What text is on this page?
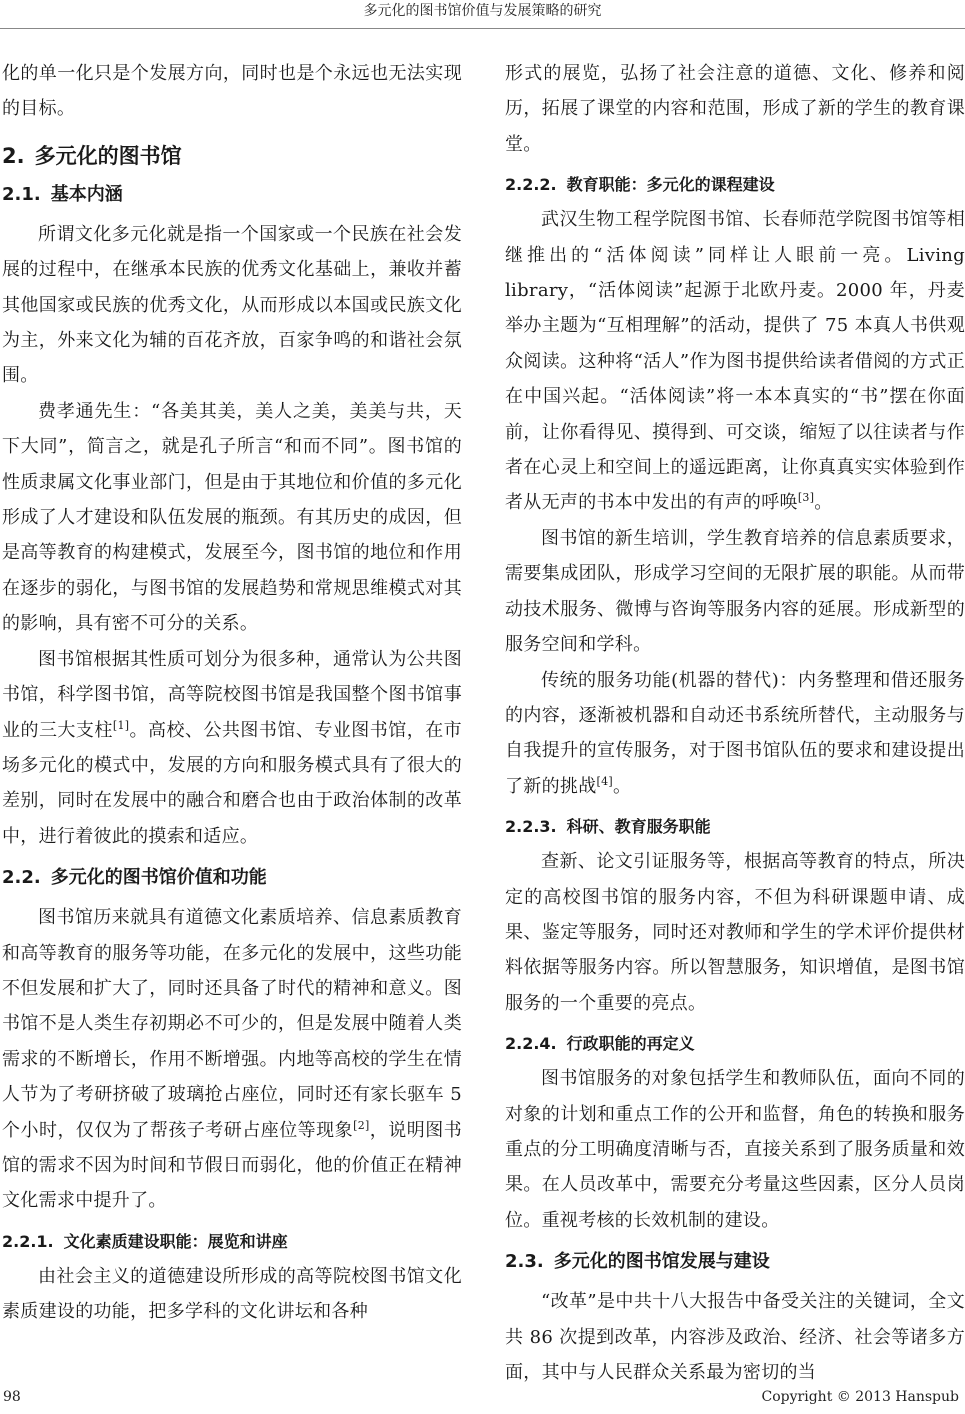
多元化的图书馆价值与发展策略的研究

化的单一化只是个发展方向，同时也是个永远也无法实现的目标。

2. 多元化的图书馆
2.1. 基本内涵

所谓文化多元化就是指一个国家或一个民族在社会发展的过程中，在继承本民族的优秀文化基础上，兼收并蓄其他国家或民族的优秀文化，从而形成以本国或民族文化为主，外来文化为辅的百花齐放，百家争鸣的和谐社会氛围。

费孝通先生：“各美其美，美人之美，美美与共，天下大同”，简言之，就是孔子所言“和而不同”。图书馆的性质隶属文化事业部门，但是由于其地位和价值的多元化形成了人才建设和队伍发展的瓶颈。有其历史的成因，但是高等教育的构建模式，发展至今，图书馆的地位和作用在逐步的弱化，与图书馆的发展趋势和常规思维模式对其的影响，具有密不可分的关系。

图书馆根据其性质可划分为很多种，通常认为公共图书馆，科学图书馆，高等院校图书馆是我国整个图书馆事业的三大支柱[1]。高校、公共图书馆、专业图书馆，在市场多元化的模式中，发展的方向和服务模式具有了很大的差别，同时在发展中的融合和磨合也由于政治体制的改革中，进行着彼此的摸索和适应。

2.2. 多元化的图书馆价值和功能

图书馆历来就具有道德文化素质培养、信息素质教育和高等教育的服务等功能，在多元化的发展中，这些功能不但发展和扩大了，同时还具备了时代的精神和意义。图书馆不是人类生存初期必不可少的，但是发展中随着人类需求的不断增长，作用不断增强。内地等高校的学生在情人节为了考研挤破了玻璃抢占座位，同时还有家长驱车 5 个小时，仅仅为了帮孩子考研占座位等现象[2]，说明图书馆的需求不因为时间和节假日而弱化，他的价值正在精神文化需求中提升了。

2.2.1. 文化素质建设职能：展览和讲座

由社会主义的道德建设所形成的高等院校图书馆文化素质建设的功能，把多学科的文化讲坛和各种

形式的展览，弘扬了社会注意的道德、文化、修养和阅历，拓展了课堂的内容和范围，形成了新的学生的教育课堂。

2.2.2. 教育职能：多元化的课程建设

武汉生物工程学院图书馆、长春师范学院图书馆等相继推出的“活体阅读”同样让人眼前一亮。Living library，“活体阅读”起源于北欧丹麦。2000 年，丹麦举办主题为“互相理解”的活动，提供了 75 本真人书供观众阅读。这种将“活人”作为图书提供给读者借阅的方式正在中国兴起。“活体阅读”将一本本真实的“书”摆在你面前，让你看得见、摸得到、可交谈，缩短了以往读者与作者在心灵上和空间上的遥远距离，让你真真实实体验到作者从无声的书本中发出的有声的呼唤[3]。

图书馆的新生培训，学生教育培养的信息素质要求，需要集成团队，形成学习空间的无限扩展的职能。从而带动技术服务、微博与咨询等服务内容的延展。形成新型的服务空间和学科。

传统的服务功能(机器的替代)：内务整理和借还服务的内容，逐渐被机器和自动还书系统所替代，主动服务与自我提升的宣传服务，对于图书馆队伍的要求和建设提出了新的挑战[4]。

2.2.3. 科研、教育服务职能

查新、论文引证服务等，根据高等教育的特点，所决定的高校图书馆的服务内容，不但为科研课题申请、成果、鉴定等服务，同时还对教师和学生的学术评价提供材料依据等服务内容。所以智慧服务，知识增值，是图书馆服务的一个重要的亮点。

2.2.4. 行政职能的再定义

图书馆服务的对象包括学生和教师队伍，面向不同的对象的计划和重点工作的公开和监督，角色的转换和服务重点的分工明确度清晰与否，直接关系到了服务质量和效果。在人员改革中，需要充分考量这些因素，区分人员岗位。重视考核的长效机制的建设。

2.3. 多元化的图书馆发展与建设

“改革”是中共十八大报告中备受关注的关键词，全文共 86 次提到改革，内容涉及政治、经济、社会等诸多方面，其中与人民群众关系最为密切的当

98	Copyright © 2013 Hanspub
